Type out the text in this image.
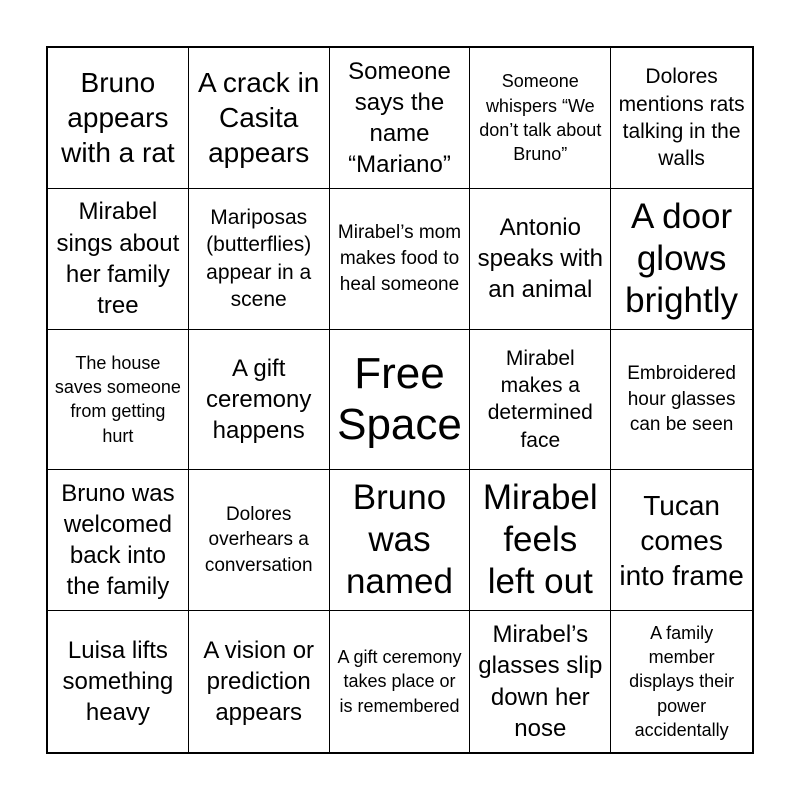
Bruno appears with a rat
A crack in Casita appears
Someone says the name “Mariano”
Someone whispers “We don’t talk about Bruno”
Dolores mentions rats talking in the walls
Mirabel sings about her family tree
Mariposas (butterflies) appear in a scene
Mirabel’s mom makes food to heal someone
Antonio speaks with an animal
A door glows brightly
The house saves someone from getting hurt
A gift ceremony happens
Free Space
Mirabel makes a determined face
Embroidered hour glasses can be seen
Bruno was welcomed back into the family
Dolores overhears a conversation
Bruno was named
Mirabel feels left out
Tucan comes into frame
Luisa lifts something heavy
A vision or prediction appears
A gift ceremony takes place or is remembered
Mirabel’s glasses slip down her nose
A family member displays their power accidentally
